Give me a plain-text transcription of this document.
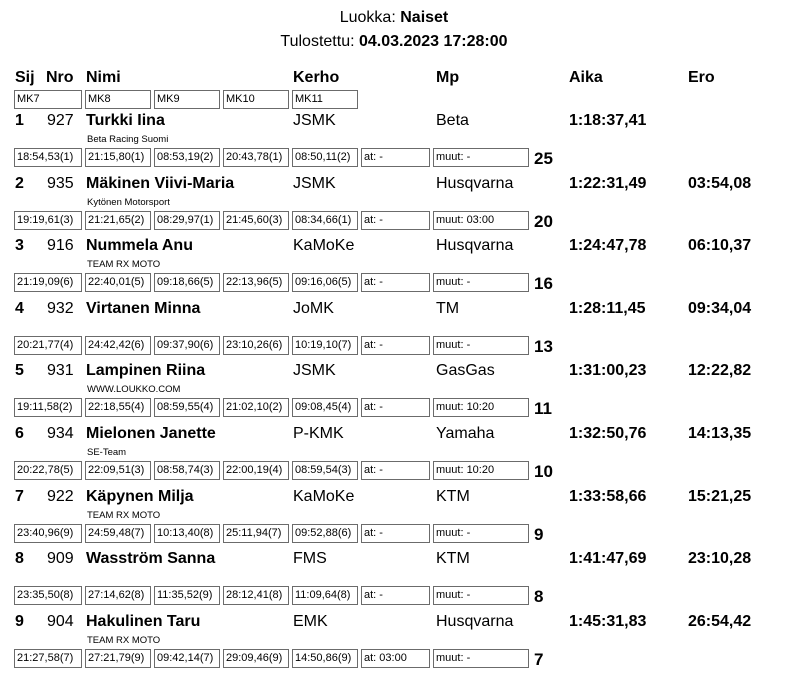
Luokka: Naiset
Tulostettu: 04.03.2023 17:28:00
Sij Nro Nimi	Kerho	Mp	Aika	Ero
MK7	MK8	MK9	MK10	MK11
1 927 Turkki Iina	JSMK	Beta	1:18:37,41
Beta Racing Suomi
18:54,53(1)	21:15,80(1)	08:53,19(2)	20:43,78(1)	08:50,11(2)	at: -	muut: -	25
2 935 Mäkinen Viivi-Maria	JSMK	Husqvarna	1:22:31,49	03:54,08
Kytönen Motorsport
19:19,61(3)	21:21,65(2)	08:29,97(1)	21:45,60(3)	08:34,66(1)	at: -	muut: 03:00	20
3 916 Nummela Anu	KaMoKe	Husqvarna	1:24:47,78	06:10,37
TEAM RX MOTO
21:19,09(6)	22:40,01(5)	09:18,66(5)	22:13,96(5)	09:16,06(5)	at: -	muut: -	16
4 932 Virtanen Minna	JoMK	TM	1:28:11,45	09:34,04
20:21,77(4)	24:42,42(6)	09:37,90(6)	23:10,26(6)	10:19,10(7)	at: -	muut: -	13
5 931 Lampinen Riina	JSMK	GasGas	1:31:00,23	12:22,82
WWW.LOUKKO.COM
19:11,58(2)	22:18,55(4)	08:59,55(4)	21:02,10(2)	09:08,45(4)	at: -	muut: 10:20	11
6 934 Mielonen Janette	P-KMK	Yamaha	1:32:50,76	14:13,35
SE-Team
20:22,78(5)	22:09,51(3)	08:58,74(3)	22:00,19(4)	08:59,54(3)	at: -	muut: 10:20	10
7 922 Käpynen Milja	KaMoKe	KTM	1:33:58,66	15:21,25
TEAM RX MOTO
23:40,96(9)	24:59,48(7)	10:13,40(8)	25:11,94(7)	09:52,88(6)	at: -	muut: -	9
8 909 Wasström Sanna	FMS	KTM	1:41:47,69	23:10,28
23:35,50(8)	27:14,62(8)	11:35,52(9)	28:12,41(8)	11:09,64(8)	at: -	muut: -	8
9 904 Hakulinen Taru	EMK	Husqvarna	1:45:31,83	26:54,42
TEAM RX MOTO
21:27,58(7)	27:21,79(9)	09:42,14(7)	29:09,46(9)	14:50,86(9)	at: 03:00	muut: -	7
